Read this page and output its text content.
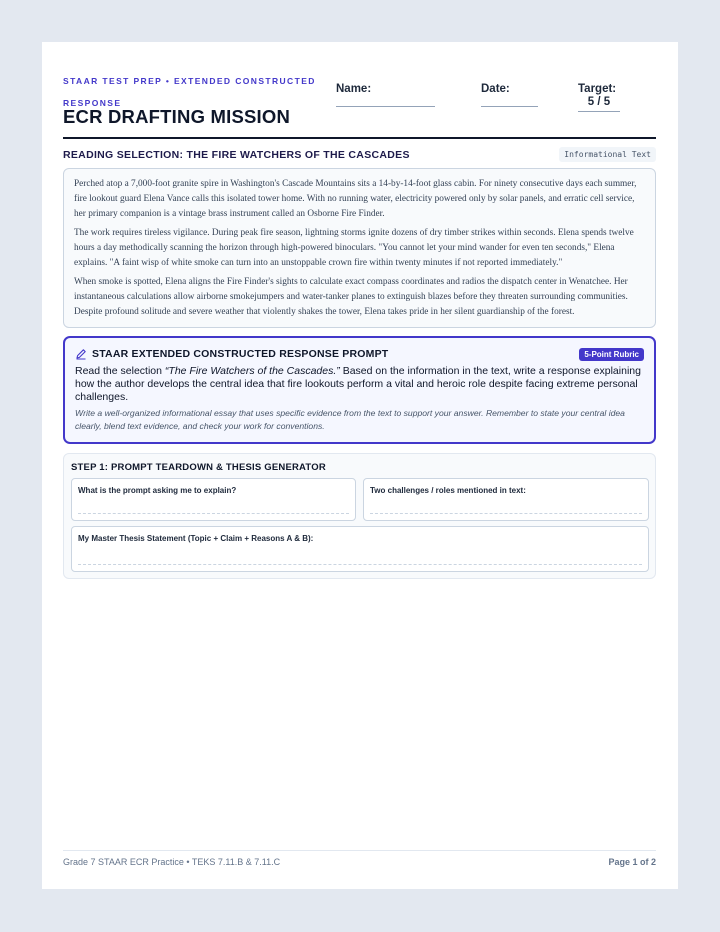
STAAR TEST PREP • EXTENDED CONSTRUCTED RESPONSE
ECR DRAFTING MISSION
Name:	Date:	Target:
5 / 5
READING SELECTION: THE FIRE WATCHERS OF THE CASCADES	Informational Text

Perched atop a 7,000-foot granite spire in Washington's Cascade Mountains sits a 14-by-14-foot glass cabin. For ninety consecutive days each summer, fire lookout guard Elena Vance calls this isolated tower home. With no running water, electricity powered only by solar panels, and erratic cell service, her primary companion is a vintage brass instrument called an Osborne Fire Finder.

The work requires tireless vigilance. During peak fire season, lightning storms ignite dozens of dry timber strikes within seconds. Elena spends twelve hours a day methodically scanning the horizon through high-powered binoculars. "You cannot let your mind wander for even ten seconds," Elena explains. "A faint wisp of white smoke can turn into an unstoppable crown fire within twenty minutes if not reported immediately."

When smoke is spotted, Elena aligns the Fire Finder's sights to calculate exact compass coordinates and radios the dispatch center in Wenatchee. Her instantaneous calculations allow airborne smokejumpers and water-tanker planes to extinguish blazes before they threaten surrounding communities. Despite profound solitude and severe weather that violently shakes the tower, Elena takes pride in her silent guardianship of the forest.

STAAR EXTENDED CONSTRUCTED RESPONSE PROMPT	5-Point Rubric
Read the selection “The Fire Watchers of the Cascades.” Based on the information in the text, write a response explaining how the author develops the central idea that fire lookouts perform a vital and heroic role despite facing extreme personal challenges.
Write a well-organized informational essay that uses specific evidence from the text to support your answer. Remember to state your central idea clearly, blend text evidence, and check your work for conventions.
STEP 1: PROMPT TEARDOWN & THESIS GENERATOR
What is the prompt asking me to explain?	Two challenges / roles mentioned in text:
My Master Thesis Statement (Topic + Claim + Reasons A & B):
Grade 7 STAAR ECR Practice • TEKS 7.11.B & 7.11.C	Page 1 of 2
